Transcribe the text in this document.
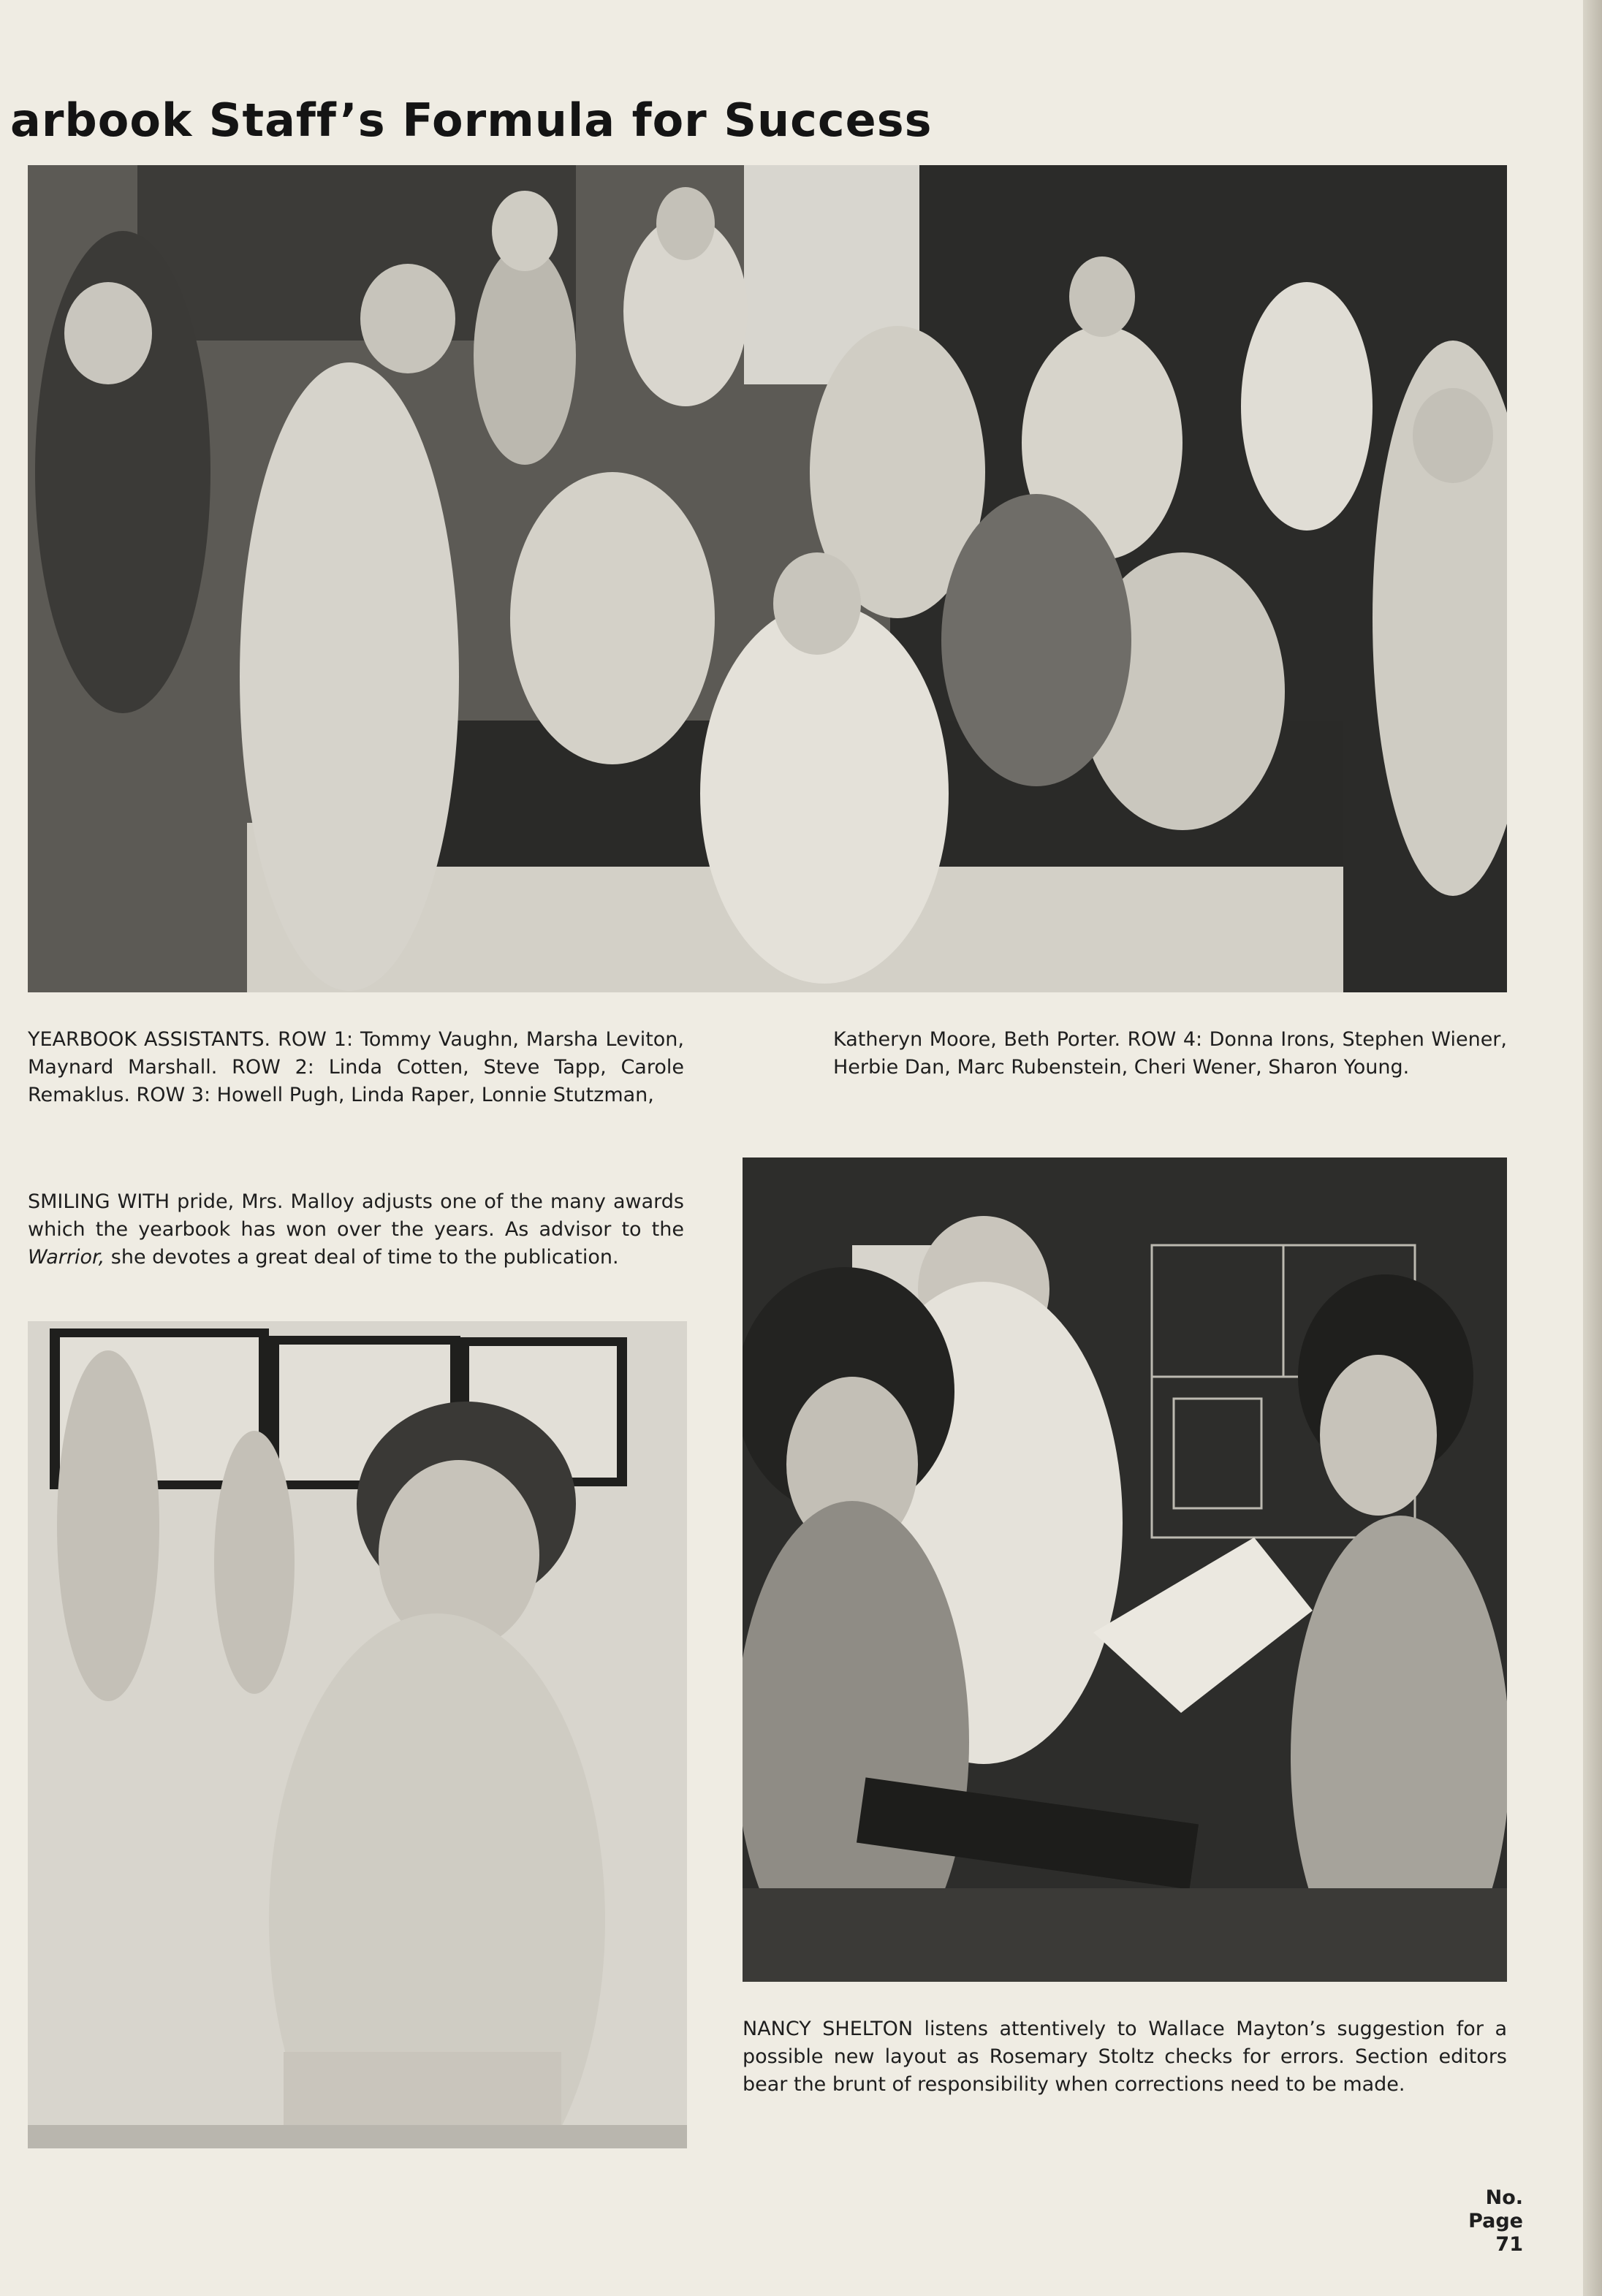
arbook Staff’s Formula for Success

YEARBOOK ASSISTANTS. ROW 1: Tommy Vaughn, Marsha Leviton, Maynard Marshall. ROW 2: Linda Cotten, Steve Tapp, Carole Remaklus. ROW 3: Howell Pugh, Linda Raper, Lonnie Stutzman,

Katheryn Moore, Beth Porter. ROW 4: Donna Irons, Stephen Wiener, Herbie Dan, Marc Rubenstein, Cheri Wener, Sharon Young.

SMILING WITH pride, Mrs. Malloy adjusts one of the many awards which the yearbook has won over the years. As advisor to the Warrior, she devotes a great deal of time to the publication.

NANCY SHELTON listens attentively to Wallace Mayton’s suggestion for a possible new layout as Rosemary Stoltz checks for errors. Section editors bear the brunt of responsibility when corrections need to be made.

No.
Page
71
